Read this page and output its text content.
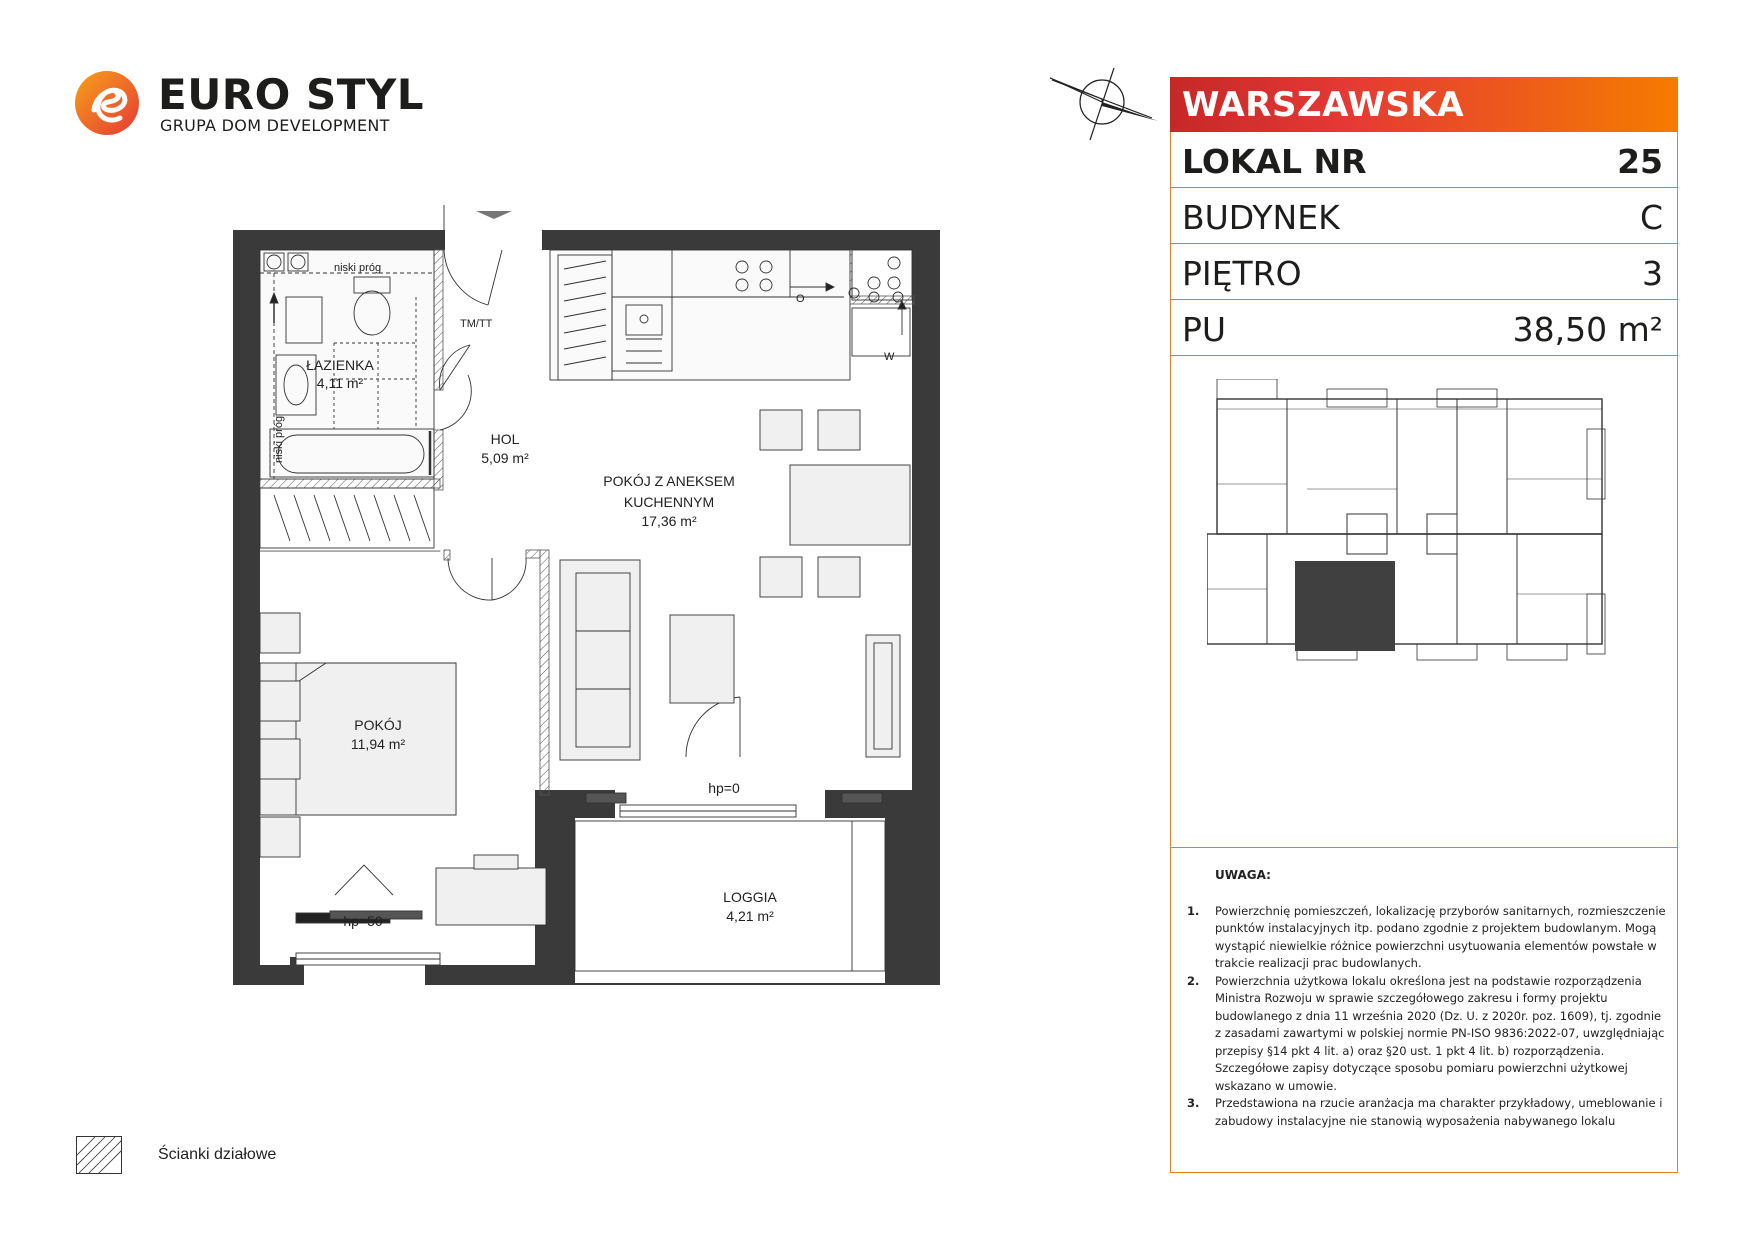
EURO STYL
GRUPA DOM DEVELOPMENT
ŁAZIENKA
4,11 m²
HOL
5,09 m²
POKÓJ Z ANEKSEM
KUCHENNYM
17,36 m²
POKÓJ
11,94 m²
LOGGIA
4,21 m²
niski próg
niski próg
TM/TT
O
W
hp=0
hp=50
Ścianki działowe
WARSZAWSKA
LOKAL NR	25
BUDYNEK	C
PIĘTRO	3
PU	38,50 m²
UWAGA:
1. Powierzchnię pomieszczeń, lokalizację przyborów sanitarnych, rozmieszczenie punktów instalacyjnych itp. podano zgodnie z projektem budowlanym. Mogą wystąpić niewielkie różnice powierzchni usytuowania elementów powstałe w trakcie realizacji prac budowlanych.
2. Powierzchnia użytkowa lokalu określona jest na podstawie rozporządzenia Ministra Rozwoju w sprawie szczegółowego zakresu i formy projektu budowlanego z dnia 11 września 2020 (Dz. U. z 2020r. poz. 1609), tj. zgodnie z zasadami zawartymi w polskiej normie PN-ISO 9836:2022-07, uwzględniając przepisy §14 pkt 4 lit. a) oraz §20 ust. 1 pkt 4 lit. b) rozporządzenia. Szczegółowe zapisy dotyczące sposobu pomiaru powierzchni użytkowej wskazano w umowie.
3. Przedstawiona na rzucie aranżacja ma charakter przykładowy, umeblowanie i zabudowy instalacyjne nie stanowią wyposażenia nabywanego lokalu
